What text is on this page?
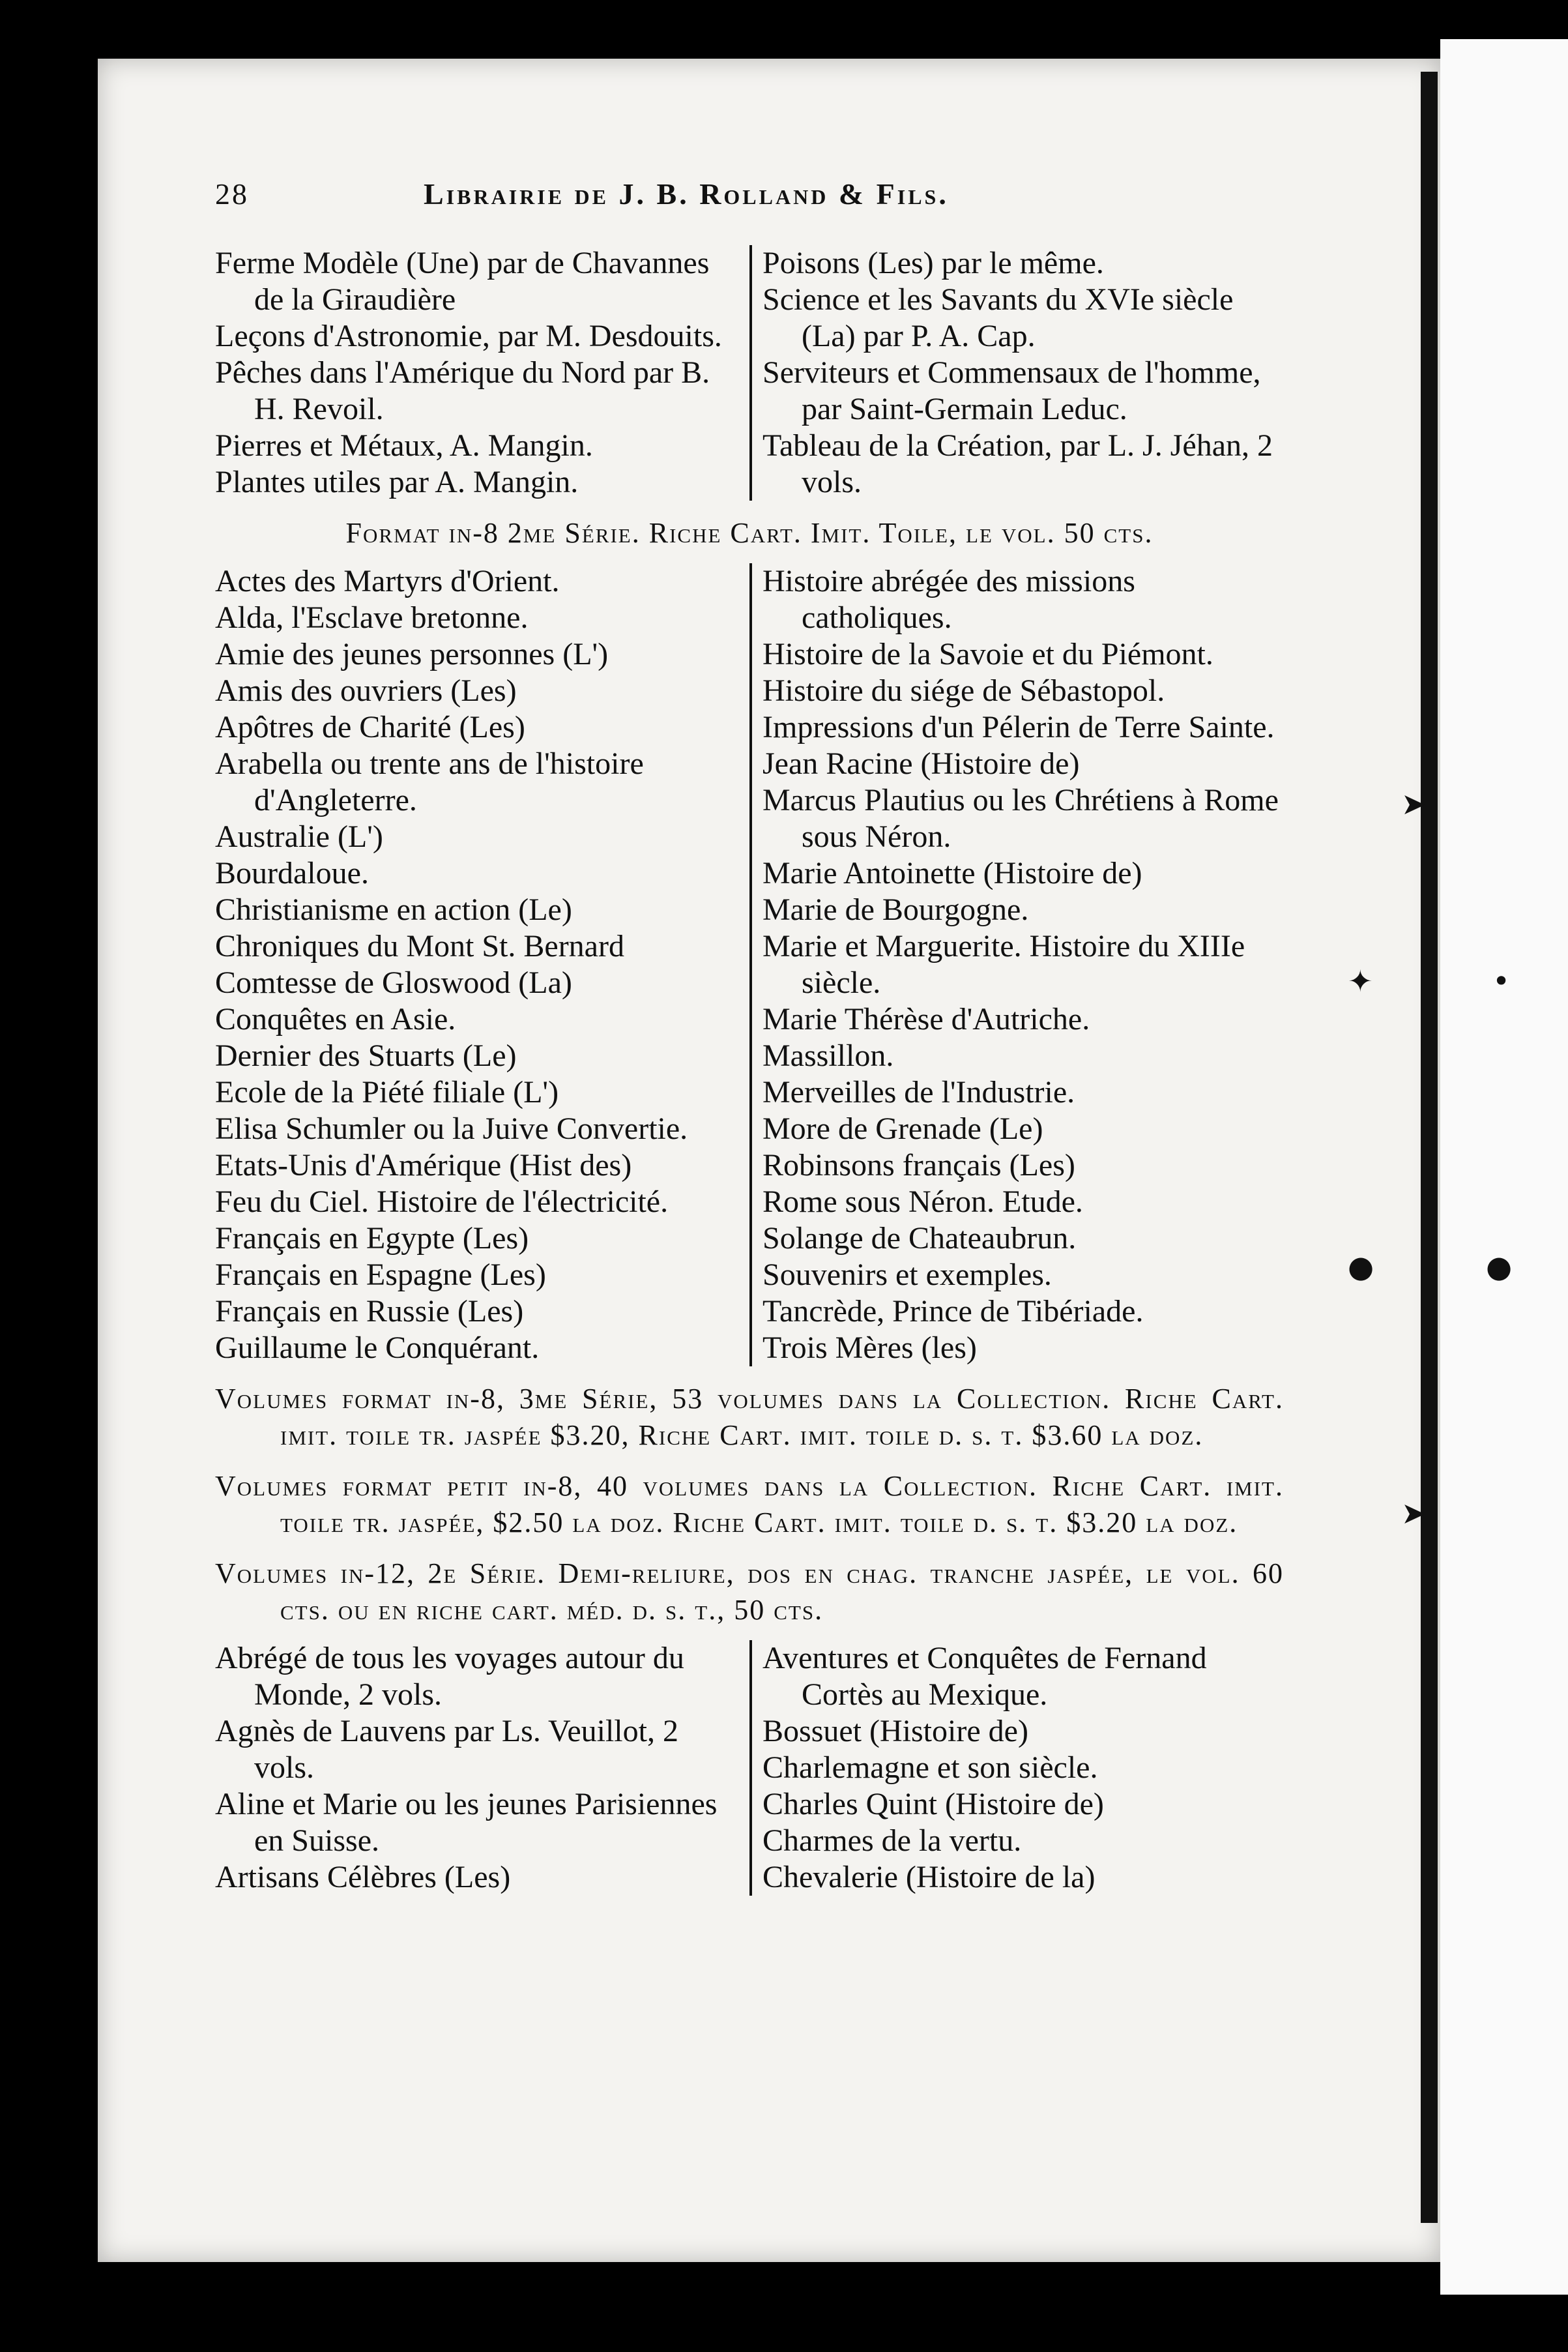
➤
✦	•
●	●
➤
28	Librairie de J. B. Rolland & Fils.

Ferme Modèle (Une) par de Chavannes de la Giraudière

Leçons d'Astronomie, par M. Desdouits.

Pêches dans l'Amérique du Nord par B. H. Revoil.

Pierres et Métaux, A. Mangin.

Plantes utiles par A. Mangin.

Poisons (Les) par le même.

Science et les Savants du XVIe siècle (La) par P. A. Cap.

Serviteurs et Commensaux de l'homme, par Saint-Germain Leduc.

Tableau de la Création, par L. J. Jéhan, 2 vols.

Format in-8 2me Série. Riche Cart. Imit. Toile, le vol. 50 cts.

Actes des Martyrs d'Orient.

Alda, l'Esclave bretonne.

Amie des jeunes personnes (L')

Amis des ouvriers (Les)

Apôtres de Charité (Les)

Arabella ou trente ans de l'histoire d'Angleterre.

Australie (L')

Bourdaloue.

Christianisme en action (Le)

Chroniques du Mont St. Bernard

Comtesse de Gloswood (La)

Conquêtes en Asie.

Dernier des Stuarts (Le)

Ecole de la Piété filiale (L')

Elisa Schumler ou la Juive Convertie.

Etats-Unis d'Amérique (Hist des)

Feu du Ciel. Histoire de l'électricité.

Français en Egypte (Les)

Français en Espagne (Les)

Français en Russie (Les)

Guillaume le Conquérant.

Histoire abrégée des missions catholiques.

Histoire de la Savoie et du Piémont.

Histoire du siége de Sébastopol.

Impressions d'un Pélerin de Terre Sainte.

Jean Racine (Histoire de)

Marcus Plautius ou les Chrétiens à Rome sous Néron.

Marie Antoinette (Histoire de)

Marie de Bourgogne.

Marie et Marguerite. Histoire du XIIIe siècle.

Marie Thérèse d'Autriche.

Massillon.

Merveilles de l'Industrie.

More de Grenade (Le)

Robinsons français (Les)

Rome sous Néron. Etude.

Solange de Chateaubrun.

Souvenirs et exemples.

Tancrède, Prince de Tibériade.

Trois Mères (les)

Volumes format in-8, 3me Série, 53 volumes dans la Collection. Riche Cart. imit. toile tr. jaspée $3.20, Riche Cart. imit. toile d. s. t. $3.60 la doz.
Volumes format petit in-8, 40 volumes dans la Collection. Riche Cart. imit. toile tr. jaspée, $2.50 la doz. Riche Cart. imit. toile d. s. t. $3.20 la doz.
Volumes in-12, 2e Série. Demi-reliure, dos en chag. tranche jaspée, le vol. 60 cts. ou en riche cart. méd. d. s. t., 50 cts.

Abrégé de tous les voyages autour du Monde, 2 vols.

Agnès de Lauvens par Ls. Veuillot, 2 vols.

Aline et Marie ou les jeunes Parisiennes en Suisse.

Artisans Célèbres (Les)

Aventures et Conquêtes de Fernand Cortès au Mexique.

Bossuet (Histoire de)

Charlemagne et son siècle.

Charles Quint (Histoire de)

Charmes de la vertu.

Chevalerie (Histoire de la)
